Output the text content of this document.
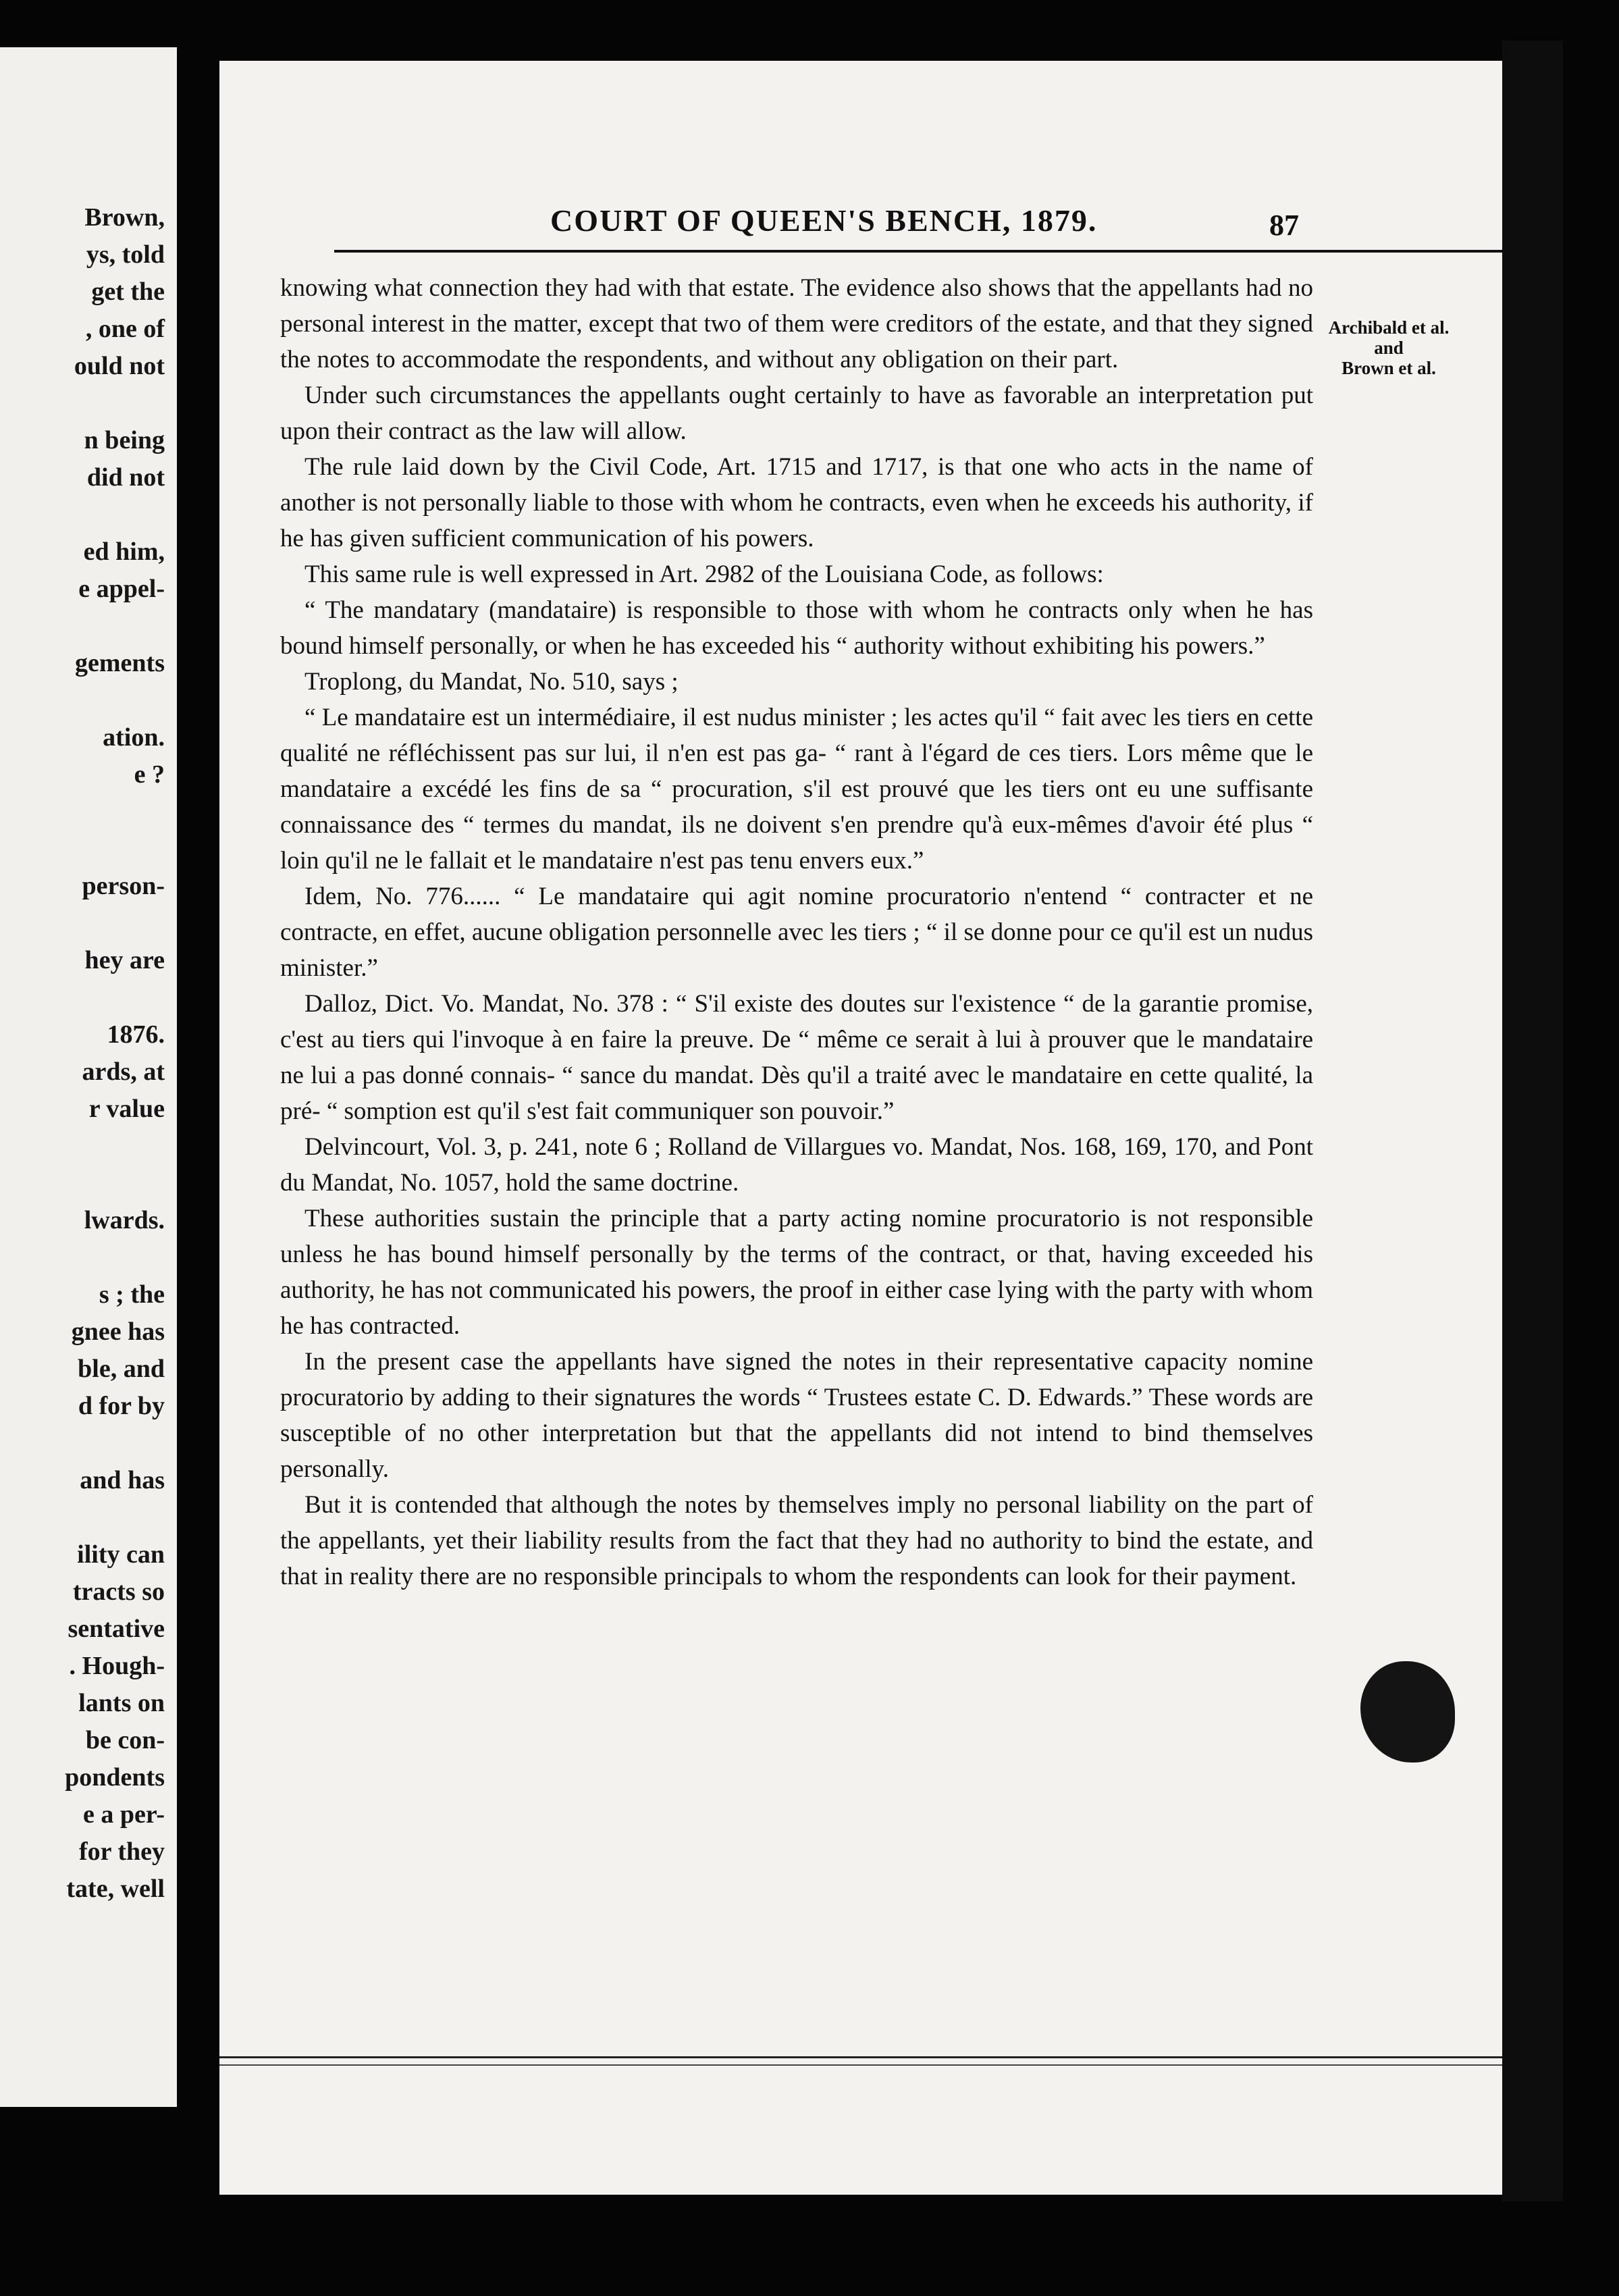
Brown,
ys, told
get the
, one of
ould not
n being
did not
ed him,
e appel-
gements
ation.
e ?
person-
hey are
1876.
ards, at
r value
lwards.
s ; the
gnee has
ble, and
d for by
and has
ility can
tracts so
sentative
. Hough-
lants on
be con-
pondents
e a per-
for they
tate, well
COURT OF QUEEN'S BENCH, 1879.	87
Archibald et al.
and
Brown et al.

knowing what connection they had with that estate. The evidence also shows that the appellants had no personal interest in the matter, except that two of them were creditors of the estate, and that they signed the notes to accommodate the respondents, and without any obligation on their part.

Under such circumstances the appellants ought certainly to have as favorable an interpretation put upon their contract as the law will allow.

The rule laid down by the Civil Code, Art. 1715 and 1717, is that one who acts in the name of another is not personally liable to those with whom he contracts, even when he exceeds his authority, if he has given sufficient communication of his powers.

This same rule is well expressed in Art. 2982 of the Louisiana Code, as follows:

“ The mandatary (mandataire) is responsible to those with whom he contracts only when he has bound himself personally, or when he has exceeded his “ authority without exhibiting his powers.”

Troplong, du Mandat, No. 510, says ;

“ Le mandataire est un intermédiaire, il est nudus minister ; les actes qu'il “ fait avec les tiers en cette qualité ne réfléchissent pas sur lui, il n'en est pas ga- “ rant à l'égard de ces tiers. Lors même que le mandataire a excédé les fins de sa “ procuration, s'il est prouvé que les tiers ont eu une suffisante connaissance des “ termes du mandat, ils ne doivent s'en prendre qu'à eux-mêmes d'avoir été plus “ loin qu'il ne le fallait et le mandataire n'est pas tenu envers eux.”

Idem, No. 776...... “ Le mandataire qui agit nomine procuratorio n'entend “ contracter et ne contracte, en effet, aucune obligation personnelle avec les tiers ; “ il se donne pour ce qu'il est un nudus minister.”

Dalloz, Dict. Vo. Mandat, No. 378 : “ S'il existe des doutes sur l'existence “ de la garantie promise, c'est au tiers qui l'invoque à en faire la preuve. De “ même ce serait à lui à prouver que le mandataire ne lui a pas donné connais- “ sance du mandat. Dès qu'il a traité avec le mandataire en cette qualité, la pré- “ somption est qu'il s'est fait communiquer son pouvoir.”

Delvincourt, Vol. 3, p. 241, note 6 ; Rolland de Villargues vo. Mandat, Nos. 168, 169, 170, and Pont du Mandat, No. 1057, hold the same doctrine.

These authorities sustain the principle that a party acting nomine procuratorio is not responsible unless he has bound himself personally by the terms of the contract, or that, having exceeded his authority, he has not communicated his powers, the proof in either case lying with the party with whom he has contracted.

In the present case the appellants have signed the notes in their representative capacity nomine procuratorio by adding to their signatures the words “ Trustees estate C. D. Edwards.” These words are susceptible of no other interpretation but that the appellants did not intend to bind themselves personally.

But it is contended that although the notes by themselves imply no personal liability on the part of the appellants, yet their liability results from the fact that they had no authority to bind the estate, and that in reality there are no responsible principals to whom the respondents can look for their payment.
